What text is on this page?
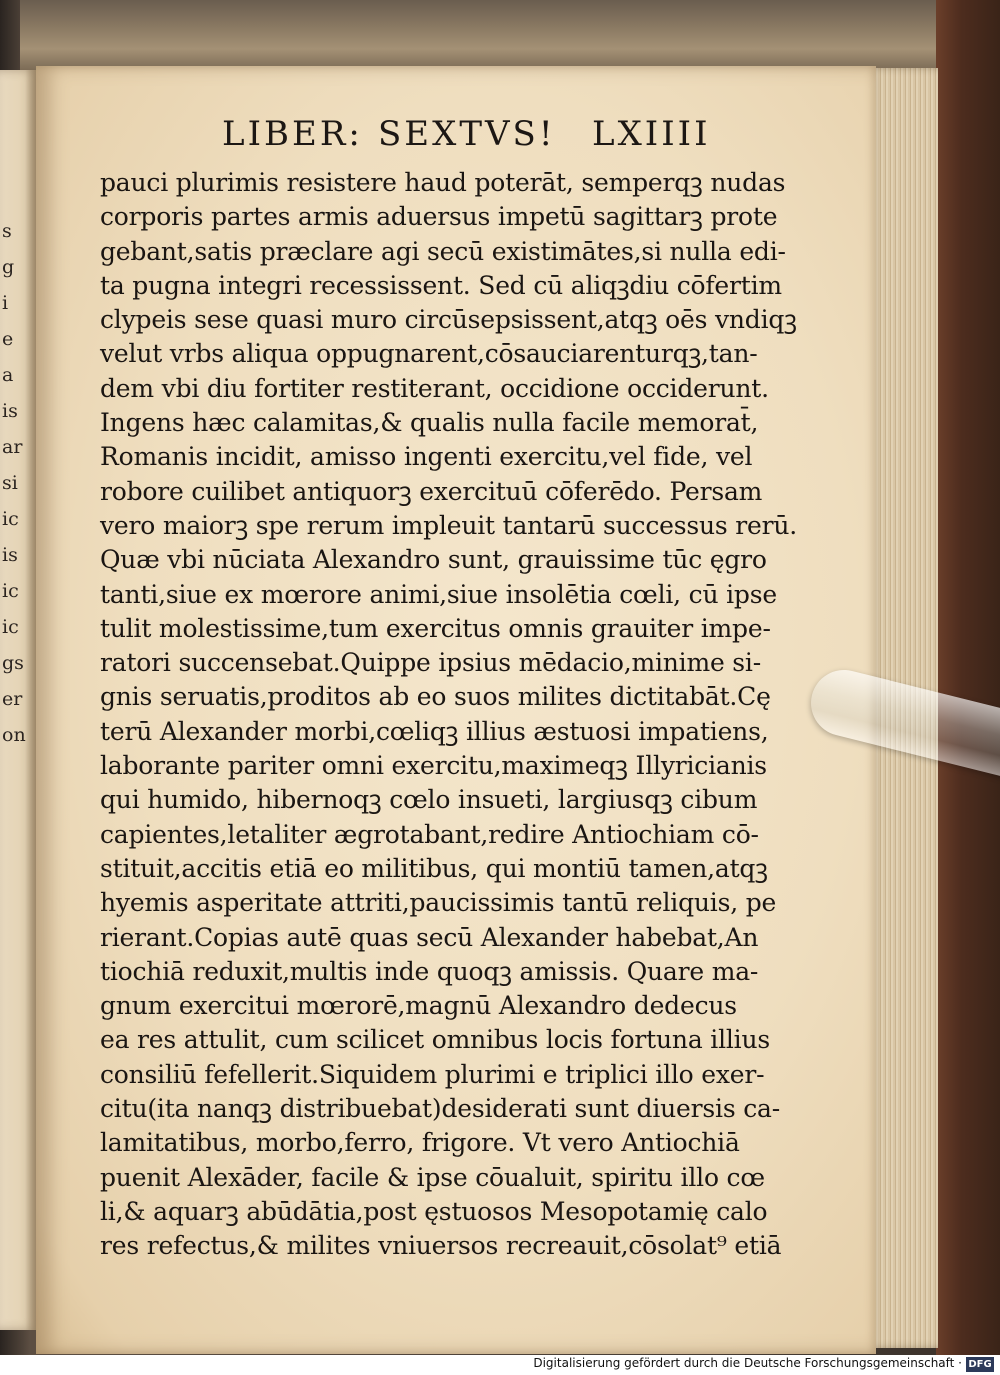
s
g
i
e
a
is
ar
si
ic
is
ic
ic
gs
er
on
LIBER: SEXTVS! LXIIII
pauci plurimis resistere haud poterāt, semperqꝫ nudas
corporis partes armis aduersus impetū sagittarꝫ prote
gebant,satis præclare agi secū existimātes,si nulla edi-
ta pugna integri recessissent. Sed cū aliqꝫdiu cōfertim
clypeis sese quasi muro circūsepsissent,atqꝫ oēs vndiqꝫ
velut vrbs aliqua oppugnarent,cōsauciarenturqꝫ,tan-
dem vbi diu fortiter restiterant, occidione occiderunt.
Ingens hæc calamitas,& qualis nulla facile memorat̄,
Romanis incidit, amisso ingenti exercitu,vel fide, vel
robore cuilibet antiquorꝫ exercituū cōferēdo. Persam
vero maiorꝫ spe rerum impleuit tantarū successus rerū.
Quæ vbi nūciata Alexandro sunt, grauissime tūc ęgro
tanti,siue ex mœrore animi,siue insolētia cœli, cū ipse
tulit molestissime,tum exercitus omnis grauiter impe-
ratori succensebat.Quippe ipsius mēdacio,minime si-
gnis seruatis,proditos ab eo suos milites dictitabāt.Cę
terū Alexander morbi,cœliqꝫ illius æstuosi impatiens,
laborante pariter omni exercitu,maximeqꝫ Illyricianis
qui humido, hibernoqꝫ cœlo insueti, largiusqꝫ cibum
capientes,letaliter ægrotabant,redire Antiochiam cō-
stituit,accitis etiā eo militibus, qui montiū tamen,atqꝫ
hyemis asperitate attriti,paucissimis tantū reliquis, pe
rierant.Copias autē quas secū Alexander habebat,An
tiochiā reduxit,multis inde quoqꝫ amissis. Quare ma-
gnum exercitui mœrorē,magnū Alexandro dedecus
ea res attulit, cum scilicet omnibus locis fortuna illius
consiliū fefellerit.Siquidem plurimi e triplici illo exer-
citu(ita nanqꝫ distribuebat)desiderati sunt diuersis ca-
lamitatibus, morbo,ferro, frigore. Vt vero Antiochiā
puenit Alexāder, facile & ipse cōualuit, spiritu illo cœ
li,& aquarꝫ abūdātia,post ęstuosos Mesopotamię calo
res refectus,& milites vniuersos recreauit,cōsolat⁹ etiā
Digitalisierung gefördert durch die Deutsche Forschungsgemeinschaft · DFG
